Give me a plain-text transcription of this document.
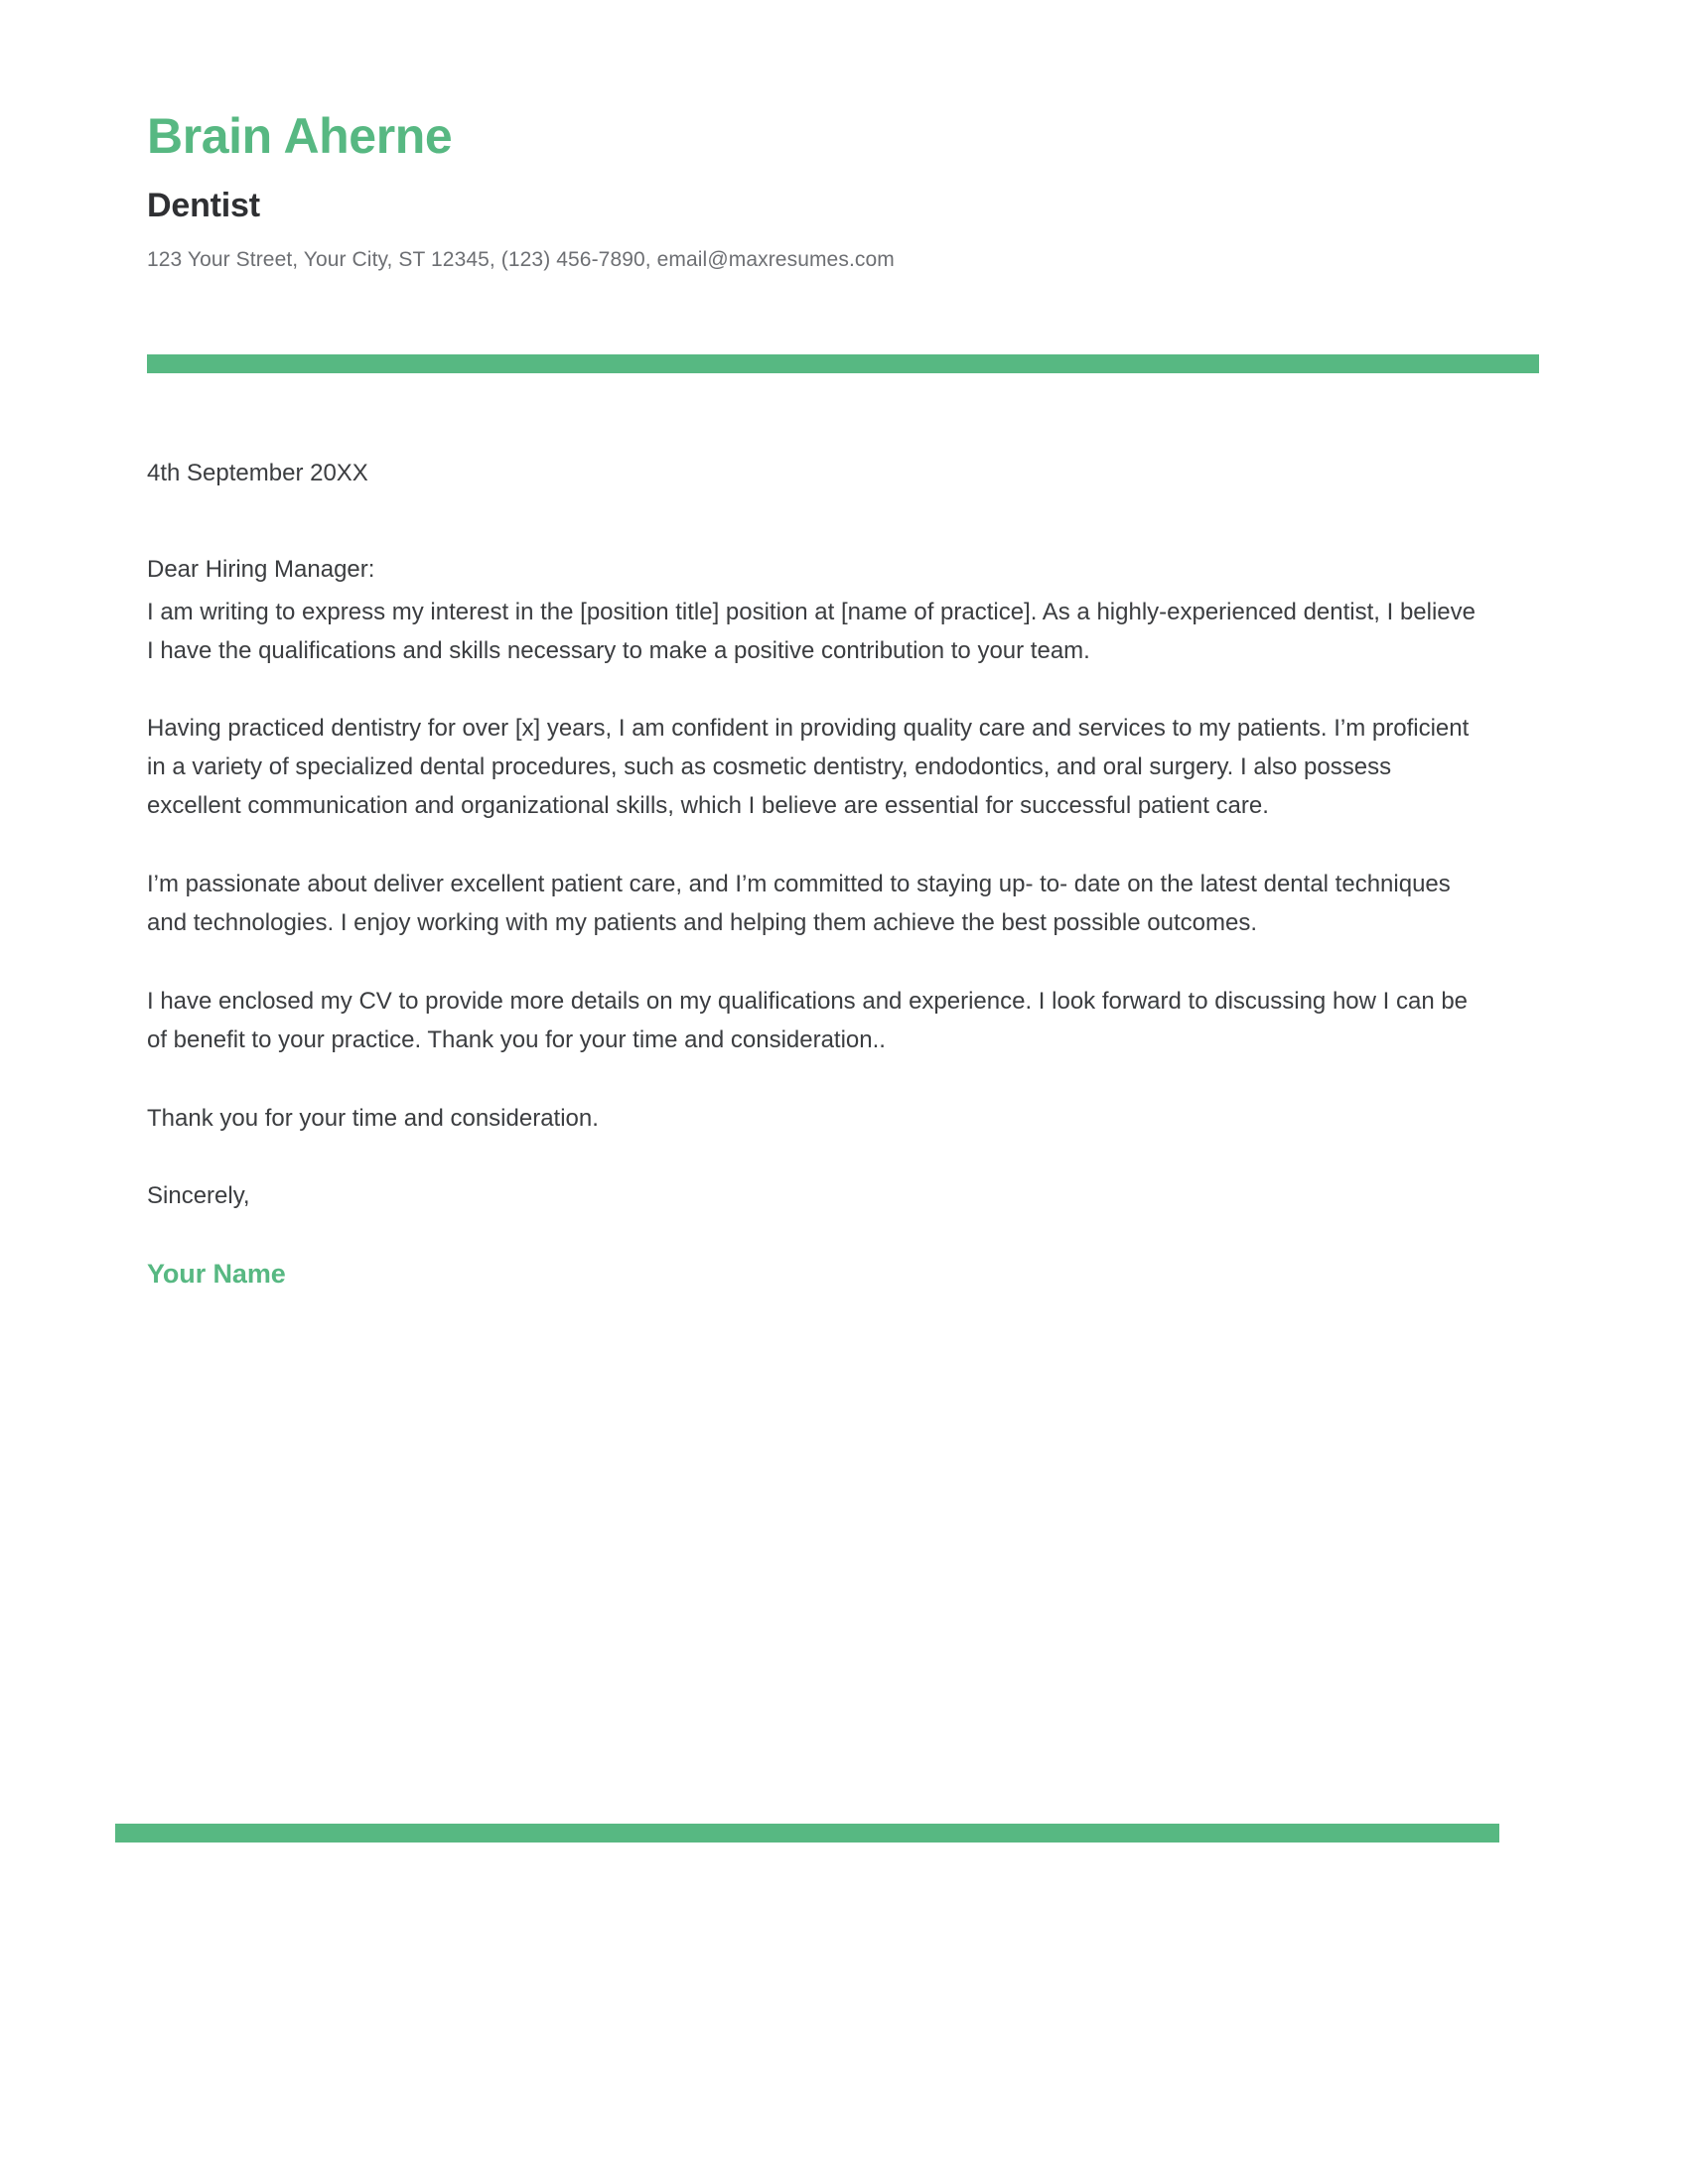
Brain Aherne
Dentist

123 Your Street, Your City, ST 12345, (123) 456-7890, email@maxresumes.com

4th September 20XX

Dear Hiring Manager:

I am writing to express my interest in the [position title] position at [name of practice]. As a highly-experienced dentist, I believe I have the qualifications and skills necessary to make a positive contribution to your team.

Having practiced dentistry for over [x] years, I am confident in providing quality care and services to my patients. I’m proficient in a variety of specialized dental procedures, such as cosmetic dentistry, endodontics, and oral surgery. I also possess excellent communication and organizational skills, which I believe are essential for successful patient care.

I’m passionate about deliver excellent patient care, and I’m committed to staying up- to- date on the latest dental techniques and technologies. I enjoy working with my patients and helping them achieve the best possible outcomes.

I have enclosed my CV to provide more details on my qualifications and experience. I look forward to discussing how I can be of benefit to your practice. Thank you for your time and consideration..

Thank you for your time and consideration.

Sincerely,

Your Name
